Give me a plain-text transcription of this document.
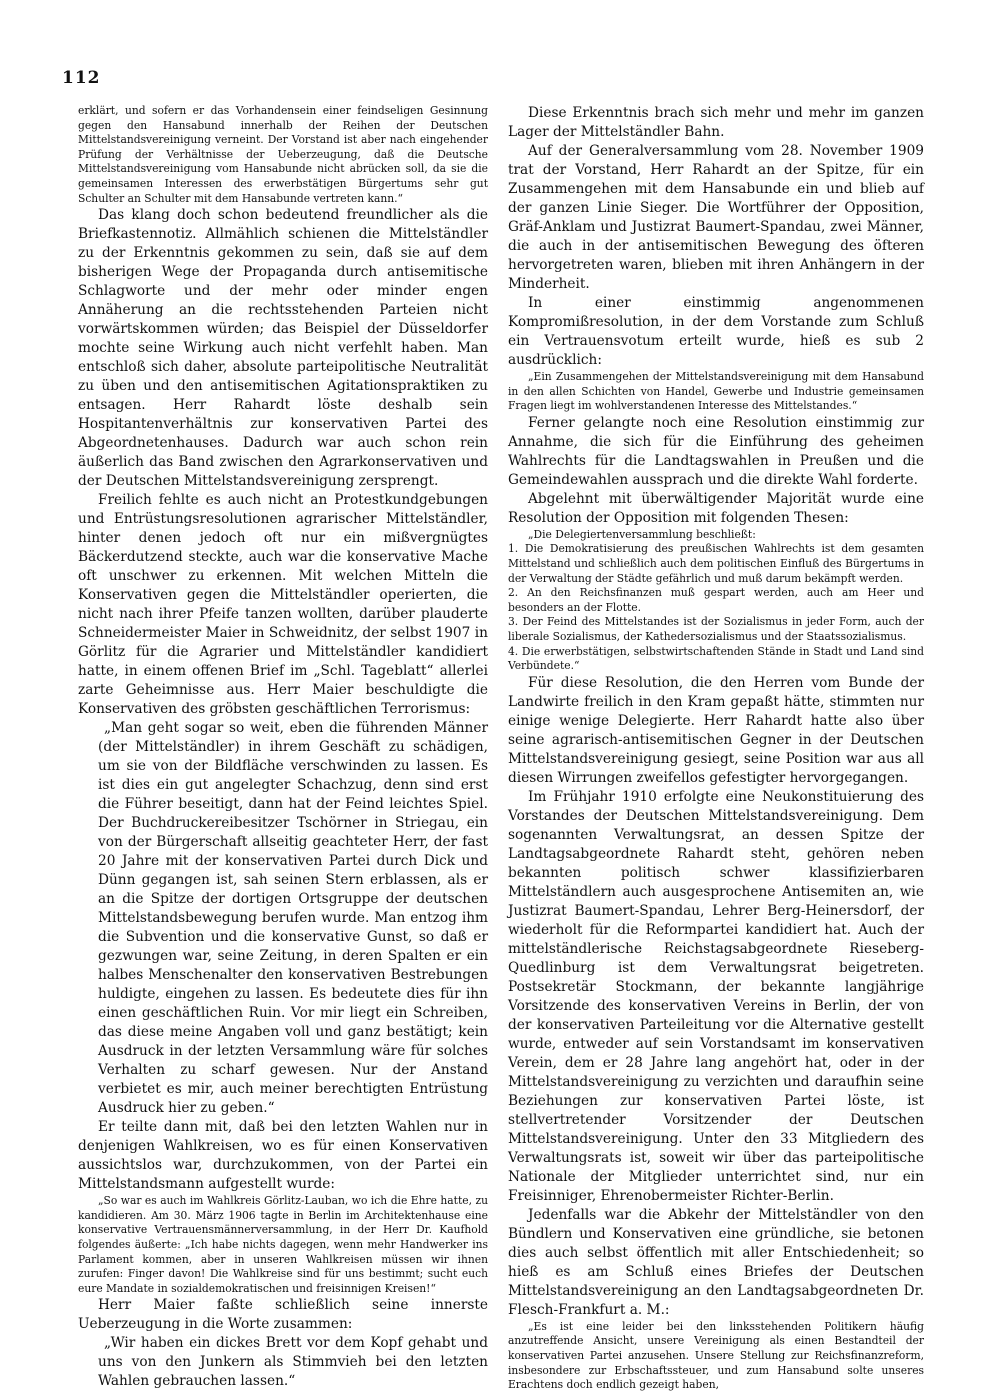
112

erklärt, und sofern er das Vorhandensein einer feindseligen Gesinnung gegen den Hansabund innerhalb der Reihen der Deutschen Mittelstandsvereinigung verneint. Der Vorstand ist aber nach eingehender Prüfung der Verhältnisse der Ueberzeugung, daß die Deutsche Mittelstandsvereinigung vom Hansabunde nicht abrücken soll, da sie die gemeinsamen Interessen des erwerbstätigen Bürgertums sehr gut Schulter an Schulter mit dem Hansabunde vertreten kann.“

Das klang doch schon bedeutend freundlicher als die Briefkastennotiz. Allmählich schienen die Mittelständler zu der Erkenntnis gekommen zu sein, daß sie auf dem bisherigen Wege der Propaganda durch antisemitische Schlagworte und der mehr oder minder engen Annäherung an die rechtsstehenden Parteien nicht vorwärtskommen würden; das Beispiel der Düsseldorfer mochte seine Wirkung auch nicht verfehlt haben. Man entschloß sich daher, absolute parteipolitische Neutralität zu üben und den antisemitischen Agitationspraktiken zu entsagen. Herr Rahardt löste deshalb sein Hospitantenverhältnis zur konservativen Partei des Abgeordnetenhauses. Dadurch war auch schon rein äußerlich das Band zwischen den Agrarkonservativen und der Deutschen Mittelstandsvereinigung zersprengt.

Freilich fehlte es auch nicht an Protestkundgebungen und Entrüstungsresolutionen agrarischer Mittelständler, hinter denen jedoch oft nur ein mißvergnügtes Bäckerdutzend steckte, auch war die konservative Mache oft unschwer zu erkennen. Mit welchen Mitteln die Konservativen gegen die Mittelständler operierten, die nicht nach ihrer Pfeife tanzen wollten, darüber plauderte Schneidermeister Maier in Schweidnitz, der selbst 1907 in Görlitz für die Agrarier und Mittelständler kandidiert hatte, in einem offenen Brief im „Schl. Tageblatt“ allerlei zarte Geheimnisse aus. Herr Maier beschuldigte die Konservativen des gröbsten geschäftlichen Terrorismus:

„Man geht sogar so weit, eben die führenden Männer (der Mittelständler) in ihrem Geschäft zu schädigen, um sie von der Bildfläche verschwinden zu lassen. Es ist dies ein gut angelegter Schachzug, denn sind erst die Führer beseitigt, dann hat der Feind leichtes Spiel. Der Buchdruckereibesitzer Tschörner in Striegau, ein von der Bürgerschaft allseitig geachteter Herr, der fast 20 Jahre mit der konservativen Partei durch Dick und Dünn gegangen ist, sah seinen Stern erblassen, als er an die Spitze der dortigen Ortsgruppe der deutschen Mittelstandsbewegung berufen wurde. Man entzog ihm die Subvention und die konservative Gunst, so daß er gezwungen war, seine Zeitung, in deren Spalten er ein halbes Menschenalter den konservativen Bestrebungen huldigte, eingehen zu lassen. Es bedeutete dies für ihn einen geschäftlichen Ruin. Vor mir liegt ein Schreiben, das diese meine Angaben voll und ganz bestätigt; kein Ausdruck in der letzten Versammlung wäre für solches Verhalten zu scharf gewesen. Nur der Anstand verbietet es mir, auch meiner berechtigten Entrüstung Ausdruck hier zu geben.“

Er teilte dann mit, daß bei den letzten Wahlen nur in denjenigen Wahlkreisen, wo es für einen Konservativen aussichtslos war, durchzukommen, von der Partei ein Mittelstandsmann aufgestellt wurde:

„So war es auch im Wahlkreis Görlitz-Lauban, wo ich die Ehre hatte, zu kandidieren. Am 30. März 1906 tagte in Berlin im Architektenhause eine konservative Vertrauensmännerversammlung, in der Herr Dr. Kaufhold folgendes äußerte: „Ich habe nichts dagegen, wenn mehr Handwerker ins Parlament kommen, aber in unseren Wahlkreisen müssen wir ihnen zurufen: Finger davon! Die Wahlkreise sind für uns bestimmt; sucht euch eure Mandate in sozialdemokratischen und freisinnigen Kreisen!“

Herr Maier faßte schließlich seine innerste Ueberzeugung in die Worte zusammen:

„Wir haben ein dickes Brett vor dem Kopf gehabt und uns von den Junkern als Stimmvieh bei den letzten Wahlen gebrauchen lassen.“

Diese Erkenntnis brach sich mehr und mehr im ganzen Lager der Mittelständler Bahn.

Auf der Generalversammlung vom 28. November 1909 trat der Vorstand, Herr Rahardt an der Spitze, für ein Zusammengehen mit dem Hansabunde ein und blieb auf der ganzen Linie Sieger. Die Wortführer der Opposition, Gräf-Anklam und Justizrat Baumert-Spandau, zwei Männer, die auch in der antisemitischen Bewegung des öfteren hervorgetreten waren, blieben mit ihren Anhängern in der Minderheit.

In einer einstimmig angenommenen Kompromißresolution, in der dem Vorstande zum Schluß ein Vertrauensvotum erteilt wurde, hieß es sub 2 ausdrücklich:

„Ein Zusammengehen der Mittelstandsvereinigung mit dem Hansabund in den allen Schichten von Handel, Gewerbe und Industrie gemeinsamen Fragen liegt im wohlverstandenen Interesse des Mittelstandes.“

Ferner gelangte noch eine Resolution einstimmig zur Annahme, die sich für die Einführung des geheimen Wahlrechts für die Landtagswahlen in Preußen und die Gemeindewahlen aussprach und die direkte Wahl forderte.

Abgelehnt mit überwältigender Majorität wurde eine Resolution der Opposition mit folgenden Thesen:

„Die Delegiertenversammlung beschließt:

1. Die Demokratisierung des preußischen Wahlrechts ist dem gesamten Mittelstand und schließlich auch dem politischen Einfluß des Bürgertums in der Verwaltung der Städte gefährlich und muß darum bekämpft werden.

2. An den Reichsfinanzen muß gespart werden, auch am Heer und besonders an der Flotte.

3. Der Feind des Mittelstandes ist der Sozialismus in jeder Form, auch der liberale Sozialismus, der Kathedersozialismus und der Staatssozialismus.

4. Die erwerbstätigen, selbstwirtschaftenden Stände in Stadt und Land sind Verbündete.“

Für diese Resolution, die den Herren vom Bunde der Landwirte freilich in den Kram gepaßt hätte, stimmten nur einige wenige Delegierte. Herr Rahardt hatte also über seine agrarisch-antisemitischen Gegner in der Deutschen Mittelstandsvereinigung gesiegt, seine Position war aus all diesen Wirrungen zweifellos gefestigter hervorgegangen.

Im Frühjahr 1910 erfolgte eine Neukonstituierung des Vorstandes der Deutschen Mittelstandsvereinigung. Dem sogenannten Verwaltungsrat, an dessen Spitze der Landtagsabgeordnete Rahardt steht, gehören neben bekannten politisch schwer klassifizierbaren Mittelständlern auch ausgesprochene Antisemiten an, wie Justizrat Baumert-Spandau, Lehrer Berg-Heinersdorf, der wiederholt für die Reformpartei kandidiert hat. Auch der mittelständlerische Reichstagsabgeordnete Rieseberg-Quedlinburg ist dem Verwaltungsrat beigetreten. Postsekretär Stockmann, der bekannte langjährige Vorsitzende des konservativen Vereins in Berlin, der von der konservativen Parteileitung vor die Alternative gestellt wurde, entweder auf sein Vorstandsamt im konservativen Verein, dem er 28 Jahre lang angehört hat, oder in der Mittelstandsvereinigung zu verzichten und daraufhin seine Beziehungen zur konservativen Partei löste, ist stellvertretender Vorsitzender der Deutschen Mittelstandsvereinigung. Unter den 33 Mitgliedern des Verwaltungsrats ist, soweit wir über das parteipolitische Nationale der Mitglieder unterrichtet sind, nur ein Freisinniger, Ehrenobermeister Richter-Berlin.

Jedenfalls war die Abkehr der Mittelständler von den Bündlern und Konservativen eine gründliche, sie betonen dies auch selbst öffentlich mit aller Entschiedenheit; so hieß es am Schluß eines Briefes der Deutschen Mittelstandsvereinigung an den Landtagsabgeordneten Dr. Flesch-Frankfurt a. M.:

„Es ist eine leider bei den linksstehenden Politikern häufig anzutreffende Ansicht, unsere Vereinigung als einen Bestandteil der konservativen Partei anzusehen. Unsere Stellung zur Reichsfinanzreform, insbesondere zur Erbschaftssteuer, und zum Hansabund solte unseres Erachtens doch endlich gezeigt haben,
